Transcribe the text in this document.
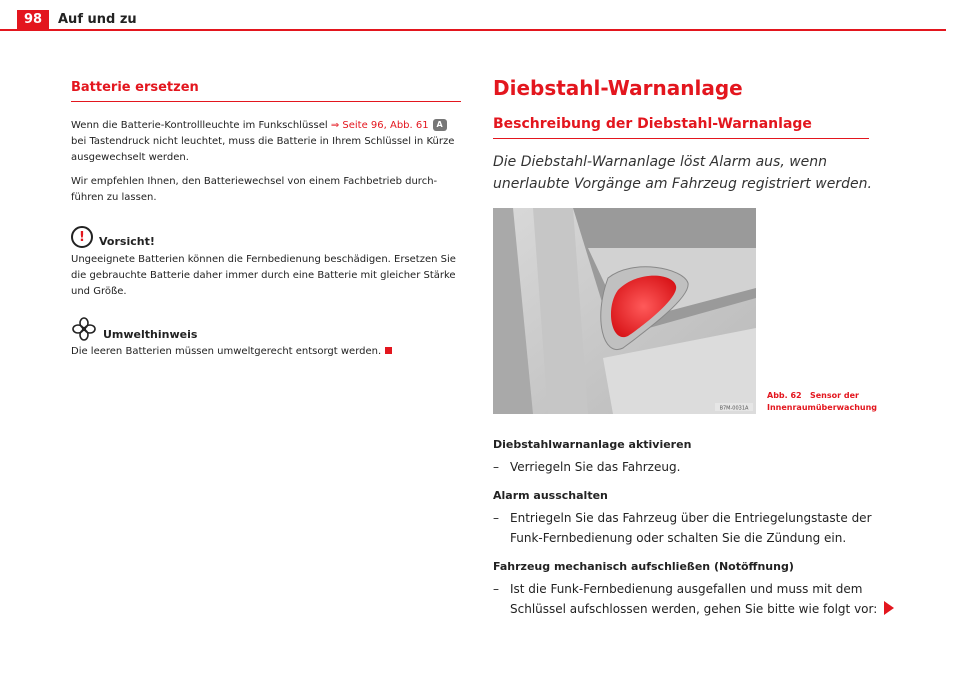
98	Auf und zu
Batterie ersetzen

Wenn die Batterie-Kontrollleuchte im Funkschlüssel ⇒ Seite 96, Abb. 61 A bei Tastendruck nicht leuchtet, muss die Batterie in Ihrem Schlüssel in Kürze ausgewechselt werden.

Wir empfehlen Ihnen, den Batteriewechsel von einem Fachbetrieb durch-führen zu lassen.

!	Vorsicht!

Ungeeignete Batterien können die Fernbedienung beschädigen. Ersetzen Sie die gebrauchte Batterie daher immer durch eine Batterie mit gleicher Stärke und Größe.

Umwelthinweis

Die leeren Batterien müssen umweltgerecht entsorgt werden.

Diebstahl-Warnanlage
Beschreibung der Diebstahl-Warnanlage
Die Diebstahl-Warnanlage löst Alarm aus, wenn unerlaubte Vorgänge am Fahrzeug registriert werden.
B7M-0031A
Abb. 62 Sensor der
Innenraumüberwachung
Diebstahlwarnanlage aktivieren
– Verriegeln Sie das Fahrzeug.
Alarm ausschalten
– Entriegeln Sie das Fahrzeug über die Entriegelungstaste der Funk-Fernbedienung oder schalten Sie die Zündung ein.
Fahrzeug mechanisch aufschließen (Notöffnung)
– Ist die Funk-Fernbedienung ausgefallen und muss mit dem Schlüssel aufschlossen werden, gehen Sie bitte wie folgt vor:
